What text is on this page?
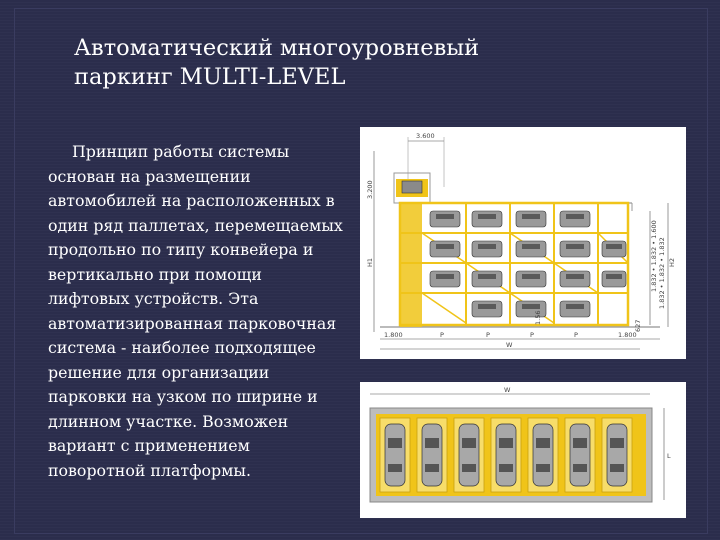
Автоматический многоуровневый
паркинг MULTI-LEVEL
Принцип работы системы основан на размещении автомобилей на расположенных в один ряд паллетах, перемещаемых продольно по типу конвейера и вертикально при помощи лифтовых устройств. Эта автоматизированная парковочная система - наиболее подходящее решение для организации парковки на узком по ширине и длинном участке. Возможен вариант с применением поворотной платформы.
3.600
3.200
H1	1.832 • 1.832 • 1.600 H2
627
1.832 • 1.832 • 1.832
1.56
1.800	P	P	P	P	1.800
W
W
L
